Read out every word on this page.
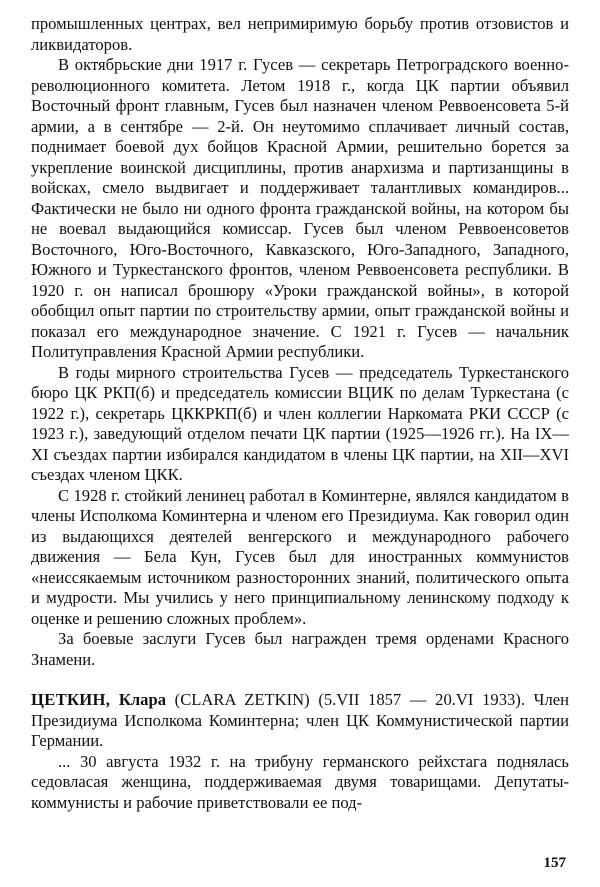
промышленных центрах, вел непримиримую борьбу против отзовистов и ликвидаторов.

В октябрьские дни 1917 г. Гусев — секретарь Петроградского военно-революционного комитета. Летом 1918 г., когда ЦК партии объявил Восточный фронт главным, Гусев был назначен членом Реввоенсовета 5-й армии, а в сентябре — 2-й. Он неутомимо сплачивает личный состав, поднимает боевой дух бойцов Красной Армии, решительно борется за укрепление воинской дисциплины, против анархизма и партизанщины в войсках, смело выдвигает и поддерживает талантливых командиров... Фактически не было ни одного фронта гражданской войны, на котором бы не воевал выдающийся комиссар. Гусев был членом Реввоенсоветов Восточного, Юго-Восточного, Кавказского, Юго-Западного, Западного, Южного и Туркестанского фронтов, членом Реввоенсовета республики. В 1920 г. он написал брошюру «Уроки гражданской войны», в которой обобщил опыт партии по строительству армии, опыт гражданской войны и показал его международное значение. С 1921 г. Гусев — начальник Политуправления Красной Армии республики.

В годы мирного строительства Гусев — председатель Туркестанского бюро ЦК РКП(б) и председатель комиссии ВЦИК по делам Туркестана (с 1922 г.), секретарь ЦККРКП(б) и член коллегии Наркомата РКИ СССР (с 1923 г.), заведующий отделом печати ЦК партии (1925—1926 гг.). На IX—XI съездах партии избирался кандидатом в члены ЦК партии, на XII—XVI съездах членом ЦКК.

С 1928 г. стойкий ленинец работал в Коминтерне, являлся кандидатом в члены Исполкома Коминтерна и членом его Президиума. Как говорил один из выдающихся деятелей венгерского и международного рабочего движения — Бела Кун, Гусев был для иностранных коммунистов «неиссякаемым источником разносторонних знаний, политического опыта и мудрости. Мы учились у него принципиальному ленинскому подходу к оценке и решению сложных проблем».

За боевые заслуги Гусев был награжден тремя орденами Красного Знамени.

ЦЕТКИН, Клара (CLARA ZETKIN) (5.VII 1857 — 20.VI 1933). Член Президиума Исполкома Коминтерна; член ЦК Коммунистической партии Германии.

... 30 августа 1932 г. на трибуну германского рейхстага поднялась седовласая женщина, поддерживаемая двумя товарищами. Депутаты-коммунисты и рабочие приветствовали ее под-

157
